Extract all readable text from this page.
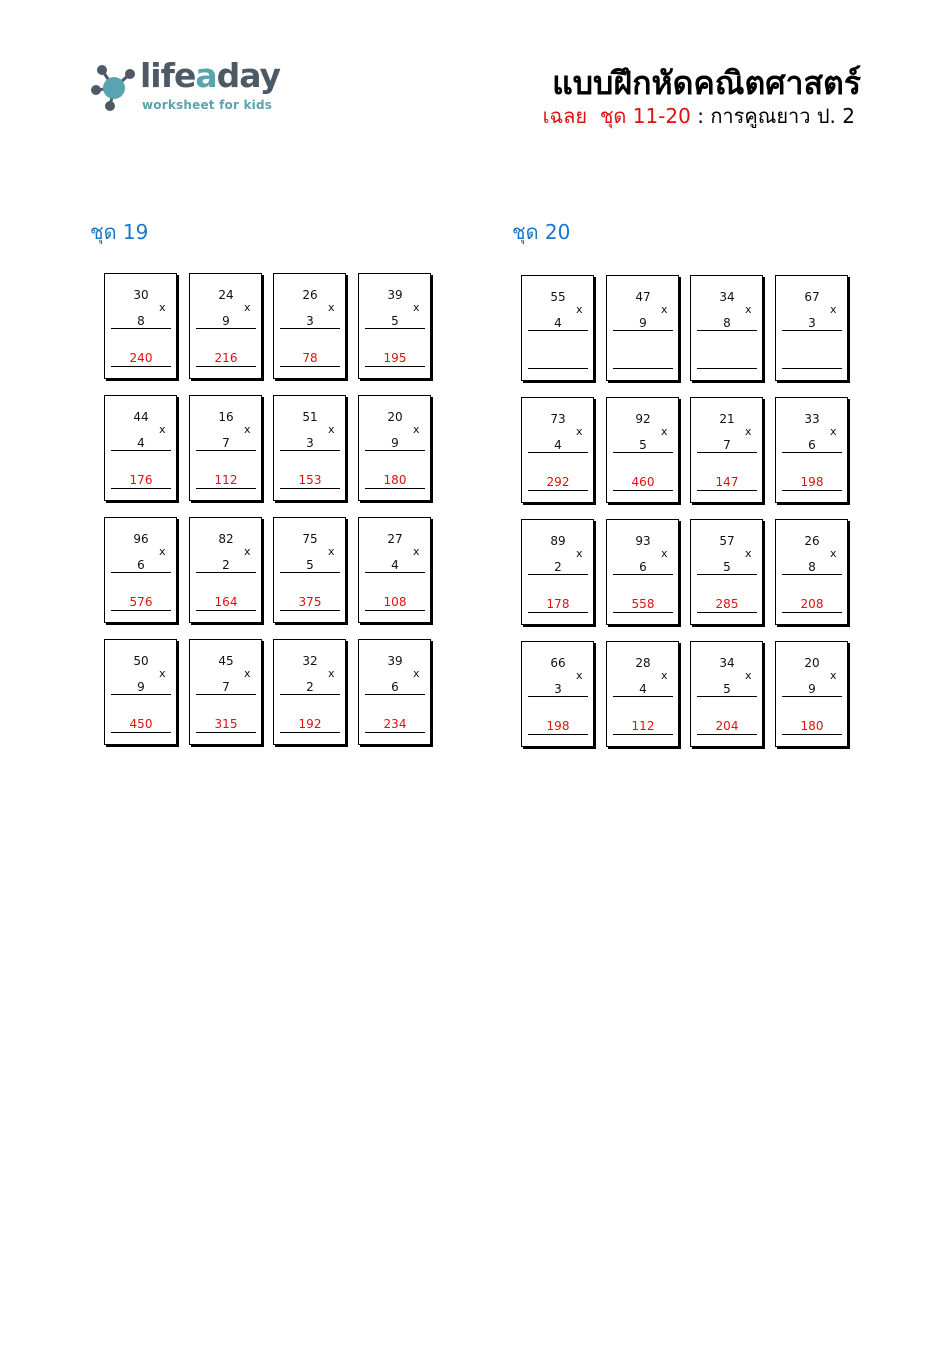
lifeaday
worksheet for kids
แบบฝึกหัดคณิตศาสตร์
เฉลย ชุด 11-20 : การคูณยาว ป. 2
ชุด 19
30
x
8
240
24
x
9
216
26
x
3
78
39
x
5
195
44
x
4
176
16
x
7
112
51
x
3
153
20
x
9
180
96
x
6
576
82
x
2
164
75
x
5
375
27
x
4
108
50
x
9
450
45
x
7
315
32
x
2
192
39
x
6
234
ชุด 20
55
x
4
47
x
9
34
x
8
67
x
3
73
x
4
292
92
x
5
460
21
x
7
147
33
x
6
198
89
x
2
178
93
x
6
558
57
x
5
285
26
x
8
208
66
x
3
198
28
x
4
112
34
x
5
204
20
x
9
180
